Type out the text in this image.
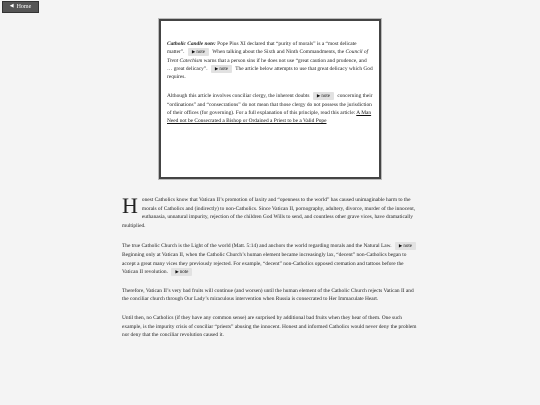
◀ Home

Catholic Candle note: Pope Pius XI declared that “purity of morals” is a “most delicate matter”. ▶note When talking about the Sixth and Ninth Commandments, the Council of Trent Catechism warns that a person sins if he does not use “great caution and prudence, and … great delicacy”. ▶note The article below attempts to use that great delicacy which God requires.

Although this article involves conciliar clergy, the inherent doubts ▶note concerning their “ordinations” and “consecrations” do not mean that those clergy do not possess the jurisdiction of their offices (for governing). For a full explanation of this principle, read this article: A Man Need not be Consecrated a Bishop or Ordained a Priest to be a Valid Pope

Honest Catholics know that Vatican II’s promotion of laxity and “openness to the world” has caused unimaginable harm to the morals of Catholics and (indirectly) to non-Catholics. Since Vatican II, pornography, adultery, divorce, murder of the innocent, euthanasia, unnatural impurity, rejection of the children God Wills to send, and countless other grave vices, have dramatically multiplied.

The true Catholic Church is the Light of the world (Matt. 5:14) and anchors the world regarding morals and the Natural Law. ▶note Beginning only at Vatican II, when the Catholic Church’s human element became increasingly lax, “decent” non-Catholics began to accept a great many vices they previously rejected. For example, “decent” non-Catholics opposed cremation and tattoos before the Vatican II revolution. ▶note

Therefore, Vatican II’s very bad fruits will continue (and worsen) until the human element of the Catholic Church rejects Vatican II and the conciliar church through Our Lady’s miraculous intervention when Russia is consecrated to Her Immaculate Heart.

Until then, no Catholics (if they have any common sense) are surprised by additional bad fruits when they hear of them. One such example, is the impurity crisis of conciliar “priests” abusing the innocent. Honest and informed Catholics would never deny the problem nor deny that the conciliar revolution caused it.
